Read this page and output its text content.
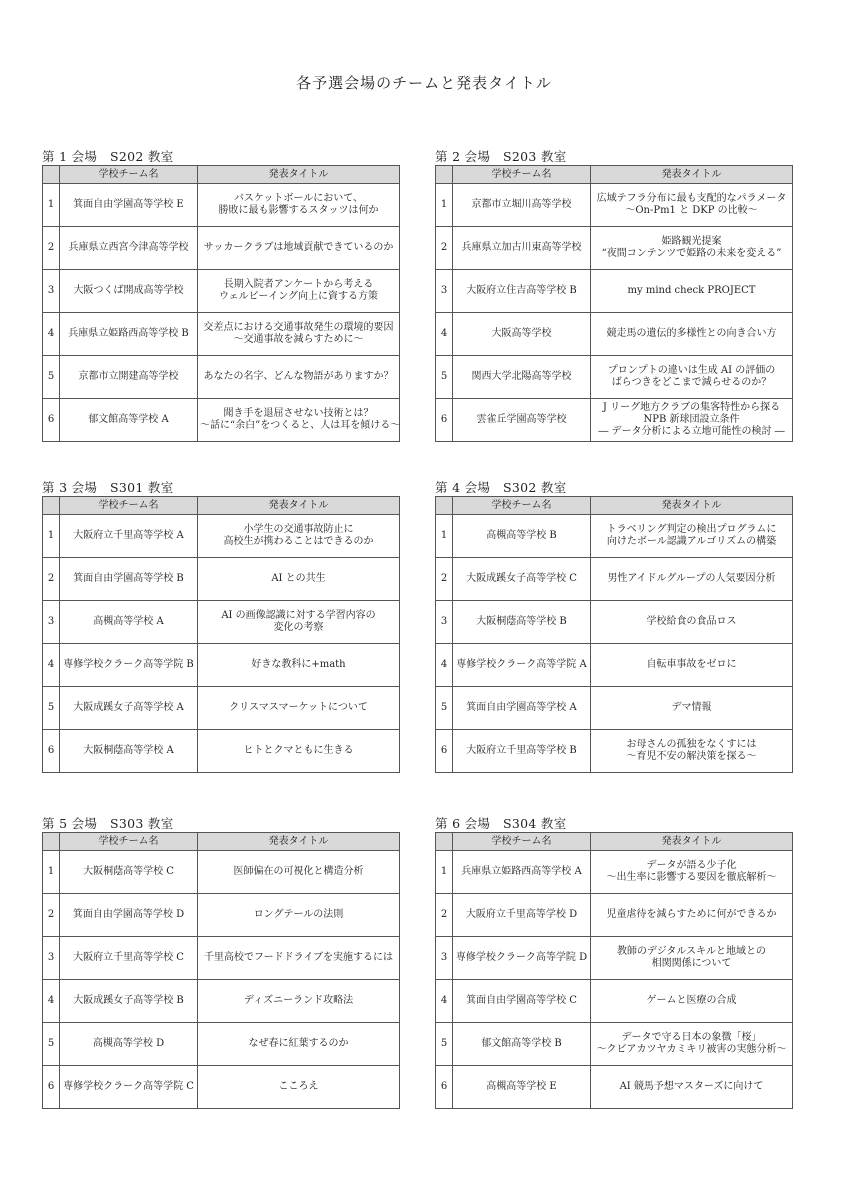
各予選会場のチームと発表タイトル
第 1 会場　S202 教室
	学校チーム名	発表タイトル
1	箕面自由学園高等学校 E	バスケットボールにおいて、
勝敗に最も影響するスタッツは何か

2	兵庫県立西宮今津高等学校	サッカークラブは地域貢献できているのか

3	大阪つくば開成高等学校	長期入院者アンケートから考える
ウェルビーイング向上に資する方策

4	兵庫県立姫路西高等学校 B	交差点における交通事故発生の環境的要因
～交通事故を減らすために～

5	京都市立開建高等学校	あなたの名字、どんな物語がありますか？

6	郁文館高等学校 A	聞き手を退屈させない技術とは？
～話に“余白”をつくると、人は耳を傾ける～
第 2 会場　S203 教室
	学校チーム名	発表タイトル
1	京都市立堀川高等学校	広域テフラ分布に最も支配的なパラメータ
～On-Pm1 と DKP の比較～

2	兵庫県立加古川東高等学校	姫路観光提案
“夜間コンテンツで姫路の未来を変える”

3	大阪府立住吉高等学校 B	my mind check PROJECT

4	大阪高等学校	競走馬の遺伝的多様性との向き合い方

5	関西大学北陽高等学校	プロンプトの違いは生成 AI の評価の
ばらつきをどこまで減らせるのか？

6	雲雀丘学園高等学校	J リーグ地方クラブの集客特性から探る
NPB 新球団設立条件
― データ分析による立地可能性の検討 ―
第 3 会場　S301 教室
	学校チーム名	発表タイトル
1	大阪府立千里高等学校 A	小学生の交通事故防止に
高校生が携わることはできるのか

2	箕面自由学園高等学校 B	AI との共生

3	高槻高等学校 A	AI の画像認識に対する学習内容の
変化の考察

4	専修学校クラーク高等学院 B	好きな教科に+math

5	大阪成蹊女子高等学校 A	クリスマスマーケットについて

6	大阪桐蔭高等学校 A	ヒトとクマともに生きる
第 4 会場　S302 教室
	学校チーム名	発表タイトル
1	高槻高等学校 B	トラベリング判定の検出プログラムに
向けたボール認識アルゴリズムの構築

2	大阪成蹊女子高等学校 C	男性アイドルグループの人気要因分析

3	大阪桐蔭高等学校 B	学校給食の食品ロス

4	専修学校クラーク高等学院 A	自転車事故をゼロに

5	箕面自由学園高等学校 A	デマ情報

6	大阪府立千里高等学校 B	お母さんの孤独をなくすには
～育児不安の解決策を探る～
第 5 会場　S303 教室
	学校チーム名	発表タイトル
1	大阪桐蔭高等学校 C	医師偏在の可視化と構造分析

2	箕面自由学園高等学校 D	ロングテールの法則

3	大阪府立千里高等学校 C	千里高校でフードドライブを実施するには

4	大阪成蹊女子高等学校 B	ディズニーランド攻略法

5	高槻高等学校 D	なぜ春に紅葉するのか

6	専修学校クラーク高等学院 C	こころえ
第 6 会場　S304 教室
	学校チーム名	発表タイトル
1	兵庫県立姫路西高等学校 A	データが語る少子化
～出生率に影響する要因を徹底解析～

2	大阪府立千里高等学校 D	児童虐待を減らすために何ができるか

3	専修学校クラーク高等学院 D	教師のデジタルスキルと地域との
相関関係について

4	箕面自由学園高等学校 C	ゲームと医療の合成

5	郁文館高等学校 B	データで守る日本の象徴「桜」
～クビアカツヤカミキリ被害の実態分析～

6	高槻高等学校 E	AI 競馬予想マスターズに向けて
